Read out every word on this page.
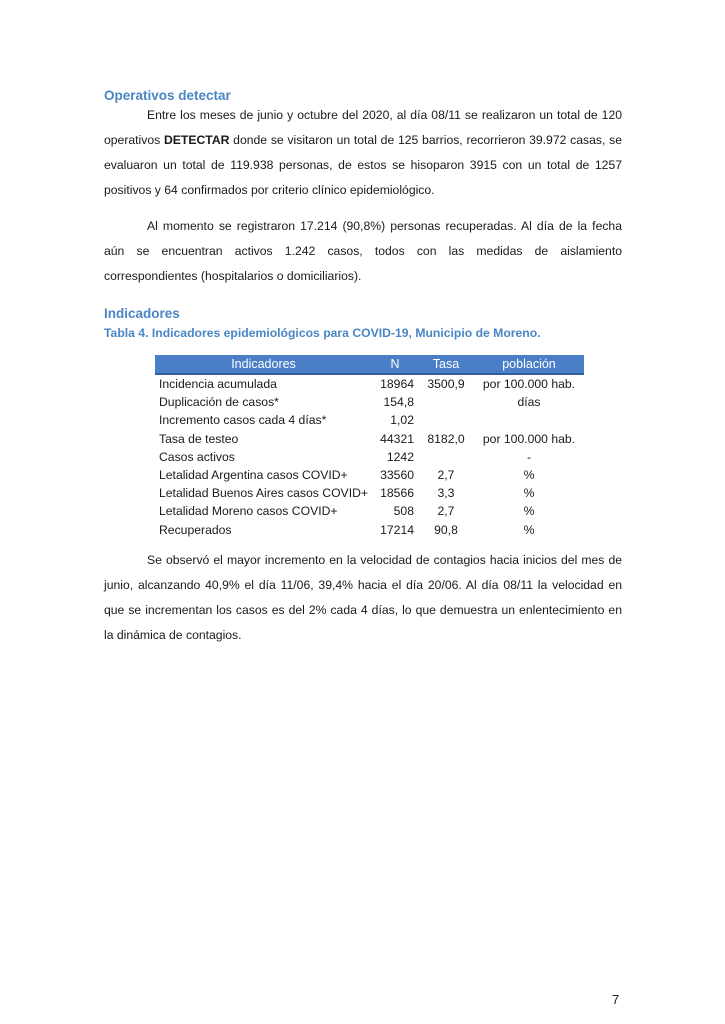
Operativos detectar

Entre los meses de junio y octubre del 2020, al día 08/11 se realizaron un total de 120 operativos DETECTAR donde se visitaron un total de 125 barrios, recorrieron 39.972 casas, se evaluaron un total de 119.938 personas, de estos se hisoparon 3915 con un total de 1257 positivos y 64 confirmados por criterio clínico epidemiológico.

Al momento se registraron 17.214 (90,8%) personas recuperadas. Al día de la fecha aún se encuentran activos 1.242 casos, todos con las medidas de aislamiento correspondientes (hospitalarios o domiciliarios).

Indicadores

Tabla 4. Indicadores epidemiológicos para COVID-19, Municipio de Moreno.

Indicadores	N	Tasa	población
Incidencia acumulada	18964	3500,9	por 100.000 hab.
Duplicación de casos*	154,8		días
Incremento casos cada 4 días*	1,02		
Tasa de testeo	44321	8182,0	por 100.000 hab.
Casos activos	1242		-
Letalidad Argentina casos COVID+	33560	2,7	%
Letalidad Buenos Aires casos COVID+	18566	3,3	%
Letalidad Moreno casos COVID+	508	2,7	%
Recuperados	17214	90,8	%

Se observó el mayor incremento en la velocidad de contagios hacia inicios del mes de junio, alcanzando 40,9% el día 11/06, 39,4% hacia el día 20/06. Al día 08/11 la velocidad en que se incrementan los casos es del 2% cada 4 días, lo que demuestra un enlentecimiento en la dinámica de contagios.

7
